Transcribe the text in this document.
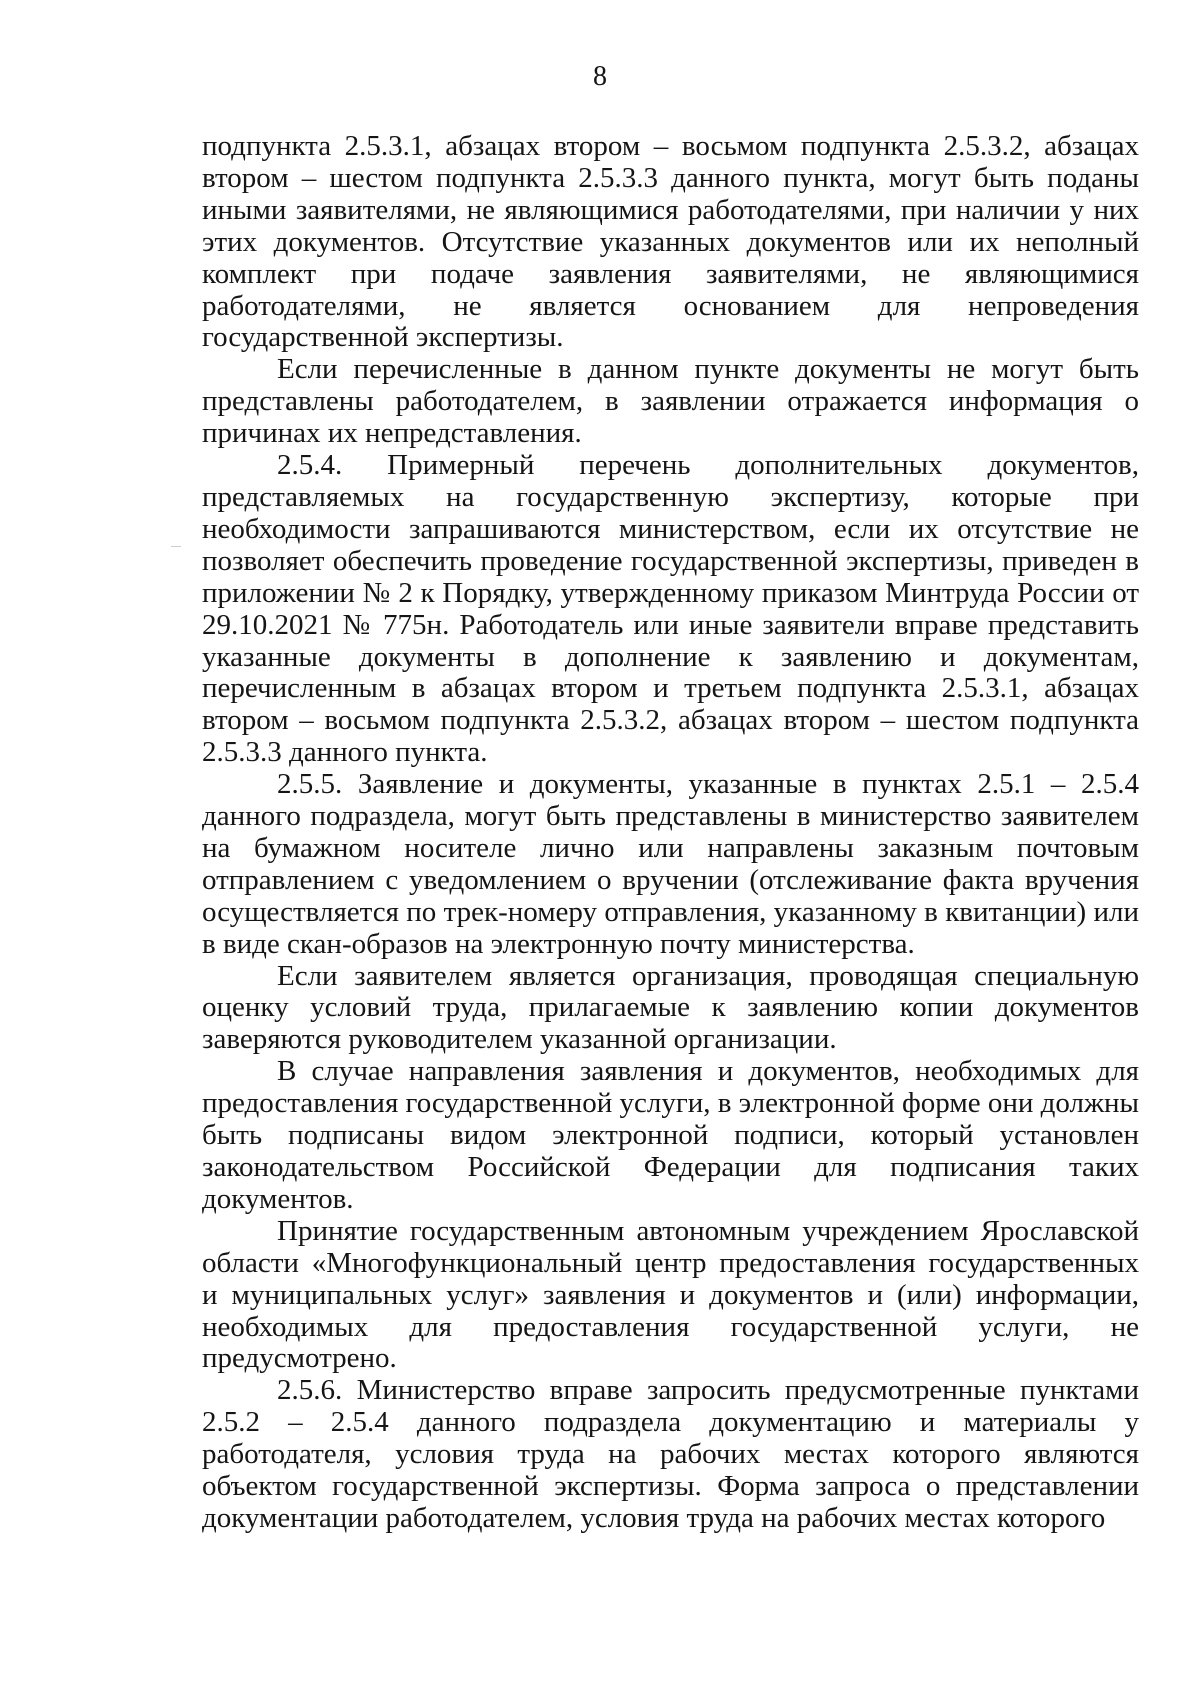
8

подпункта 2.5.3.1, абзацах втором – восьмом подпункта 2.5.3.2, абзацах втором – шестом подпункта 2.5.3.3 данного пункта, могут быть поданы иными заявителями, не являющимися работодателями, при наличии у них этих документов. Отсутствие указанных документов или их неполный комплект при подаче заявления заявителями, не являющимися работодателями, не является основанием для непроведения государственной экспертизы.

Если перечисленные в данном пункте документы не могут быть представлены работодателем, в заявлении отражается информация о причинах их непредставления.

2.5.4. Примерный перечень дополнительных документов, представляемых на государственную экспертизу, которые при необходимости запрашиваются министерством, если их отсутствие не позволяет обеспечить проведение государственной экспертизы, приведен в приложении № 2 к Порядку, утвержденному приказом Минтруда России от 29.10.2021 № 775н. Работодатель или иные заявители вправе представить указанные документы в дополнение к заявлению и документам, перечисленным в абзацах втором и третьем подпункта 2.5.3.1, абзацах втором – восьмом подпункта 2.5.3.2, абзацах втором – шестом подпункта 2.5.3.3 данного пункта.

2.5.5. Заявление и документы, указанные в пунктах 2.5.1 – 2.5.4 данного подраздела, могут быть представлены в министерство заявителем на бумажном носителе лично или направлены заказным почтовым отправлением с уведомлением о вручении (отслеживание факта вручения осуществляется по трек-номеру отправления, указанному в квитанции) или в виде скан-образов на электронную почту министерства.

Если заявителем является организация, проводящая специальную оценку условий труда, прилагаемые к заявлению копии документов заверяются руководителем указанной организации.

В случае направления заявления и документов, необходимых для предоставления государственной услуги, в электронной форме они должны быть подписаны видом электронной подписи, который установлен законодательством Российской Федерации для подписания таких документов.

Принятие государственным автономным учреждением Ярославской области «Многофункциональный центр предоставления государственных и муниципальных услуг» заявления и документов и (или) информации, необходимых для предоставления государственной услуги, не предусмотрено.

2.5.6. Министерство вправе запросить предусмотренные пунктами 2.5.2 – 2.5.4 данного подраздела документацию и материалы у работодателя, условия труда на рабочих местах которого являются объектом государственной экспертизы. Форма запроса о представлении документации работодателем, условия труда на рабочих местах которого
